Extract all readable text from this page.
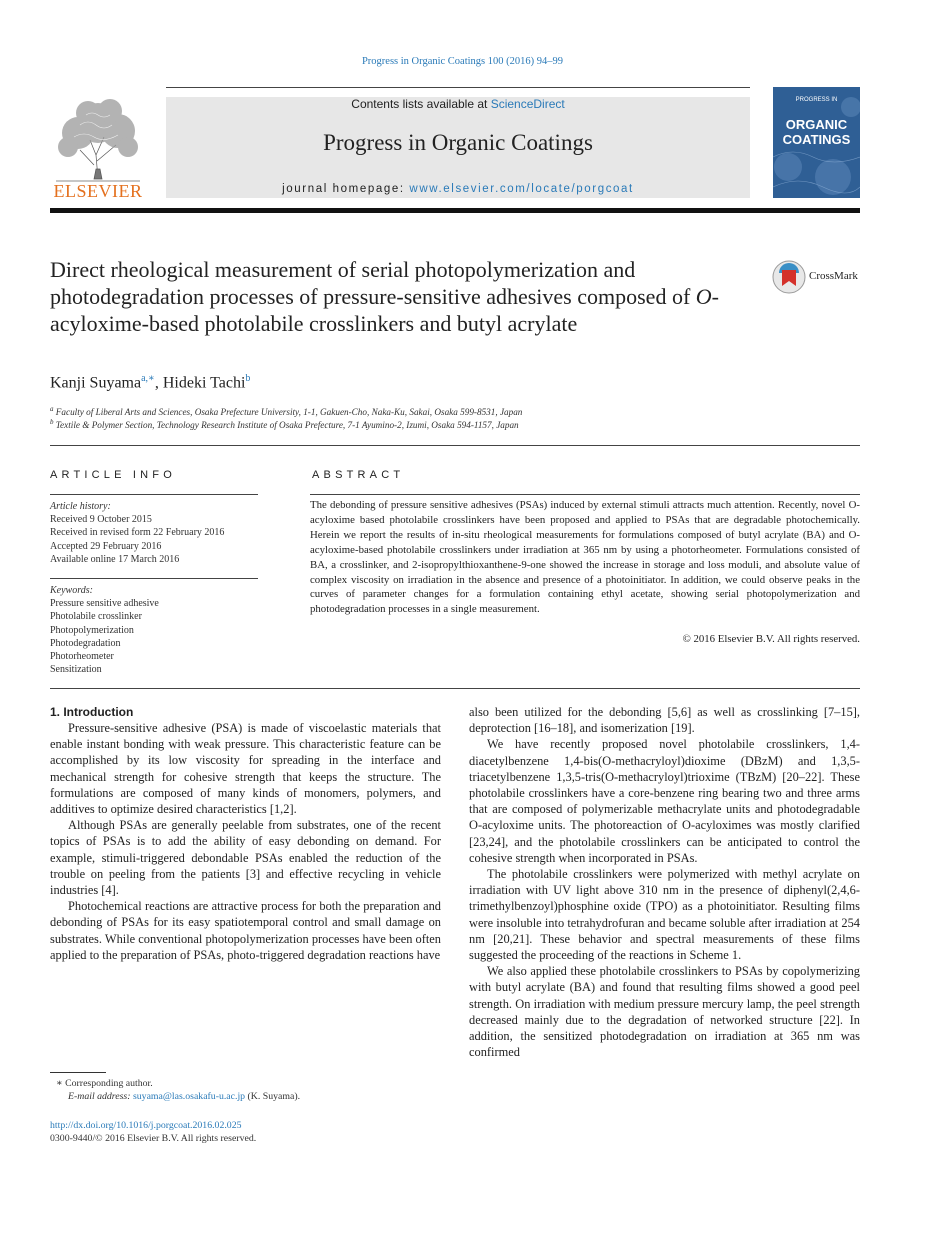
Progress in Organic Coatings 100 (2016) 94–99
ELSEVIER
Contents lists available at ScienceDirect
Progress in Organic Coatings
journal homepage: www.elsevier.com/locate/porgcoat
PROGRESS IN
ORGANIC
COATINGS
Direct rheological measurement of serial photopolymerization and photodegradation processes of pressure-sensitive adhesives composed of O-acyloxime-based photolabile crosslinkers and butyl acrylate
CrossMark
Kanji Suyama$^{a,∗}$, Hideki Tachi$^b$
$^a$ Faculty of Liberal Arts and Sciences, Osaka Prefecture University, 1-1, Gakuen-Cho, Naka-Ku, Sakai, Osaka 599-8531, Japan
$^b$ Textile & Polymer Section, Technology Research Institute of Osaka Prefecture, 7-1 Ayumino-2, Izumi, Osaka 594-1157, Japan
ARTICLE INFO
Article history:
Received 9 October 2015
Received in revised form 22 February 2016
Accepted 29 February 2016
Available online 17 March 2016
Keywords:
Pressure sensitive adhesive
Photolabile crosslinker
Photopolymerization
Photodegradation
Photorheometer
Sensitization
ABSTRACT
The debonding of pressure sensitive adhesives (PSAs) induced by external stimuli attracts much attention. Recently, novel O-acyloxime based photolabile crosslinkers have been proposed and applied to PSAs that are degradable photochemically. Herein we report the results of in-situ rheological measurements for formulations composed of butyl acrylate (BA) and O-acyloxime-based photolabile crosslinkers under irradiation at 365 nm by using a photorheometer. Formulations consisted of BA, a crosslinker, and 2-isopropylthioxanthene-9-one showed the increase in storage and loss moduli, and absolute value of complex viscosity on irradiation in the absence and presence of a photoinitiator. In addition, we could observe peaks in the curves of parameter changes for a formulation containing ethyl acetate, showing serial photopolymerization and photodegradation processes in a single measurement.
© 2016 Elsevier B.V. All rights reserved.
1. Introduction

Pressure-sensitive adhesive (PSA) is made of viscoelastic materials that enable instant bonding with weak pressure. This characteristic feature can be accomplished by its low viscosity for spreading in the interface and mechanical strength for cohesive strength that keeps the structure. The formulations are composed of many kinds of monomers, polymers, and additives to optimize desired characteristics [1,2].

Although PSAs are generally peelable from substrates, one of the recent topics of PSAs is to add the ability of easy debonding on demand. For example, stimuli-triggered debondable PSAs enabled the reduction of the trouble on peeling from the patients [3] and effective recycling in vehicle industries [4].

Photochemical reactions are attractive process for both the preparation and debonding of PSAs for its easy spatiotemporal control and small damage on substrates. While conventional photopolymerization processes have been often applied to the preparation of PSAs, photo-triggered degradation reactions have

also been utilized for the debonding [5,6] as well as crosslinking [7–15], deprotection [16–18], and isomerization [19].

We have recently proposed novel photolabile crosslinkers, 1,4-diacetylbenzene 1,4-bis(O-methacryloyl)dioxime (DBzM) and 1,3,5-triacetylbenzene 1,3,5-tris(O-methacryloyl)trioxime (TBzM) [20–22]. These photolabile crosslinkers have a core-benzene ring bearing two and three arms that are composed of polymerizable methacrylate units and photodegradable O-acyloxime units. The photoreaction of O-acyloximes was mostly clarified [23,24], and the photolabile crosslinkers can be anticipated to control the cohesive strength when incorporated in PSAs.

The photolabile crosslinkers were polymerized with methyl acrylate on irradiation with UV light above 310 nm in the presence of diphenyl(2,4,6-trimethylbenzoyl)phosphine oxide (TPO) as a photoinitiator. Resulting films were insoluble into tetrahydrofuran and became soluble after irradiation at 254 nm [20,21]. These behavior and spectral measurements of these films suggested the proceeding of the reactions in Scheme 1.

We also applied these photolabile crosslinkers to PSAs by copolymerizing with butyl acrylate (BA) and found that resulting films showed a good peel strength. On irradiation with medium pressure mercury lamp, the peel strength decreased mainly due to the degradation of networked structure [22]. In addition, the sensitized photodegradation on irradiation at 365 nm was confirmed

∗ Corresponding author.
E-mail address: suyama@las.osakafu-u.ac.jp (K. Suyama).
http://dx.doi.org/10.1016/j.porgcoat.2016.02.025
0300-9440/© 2016 Elsevier B.V. All rights reserved.
